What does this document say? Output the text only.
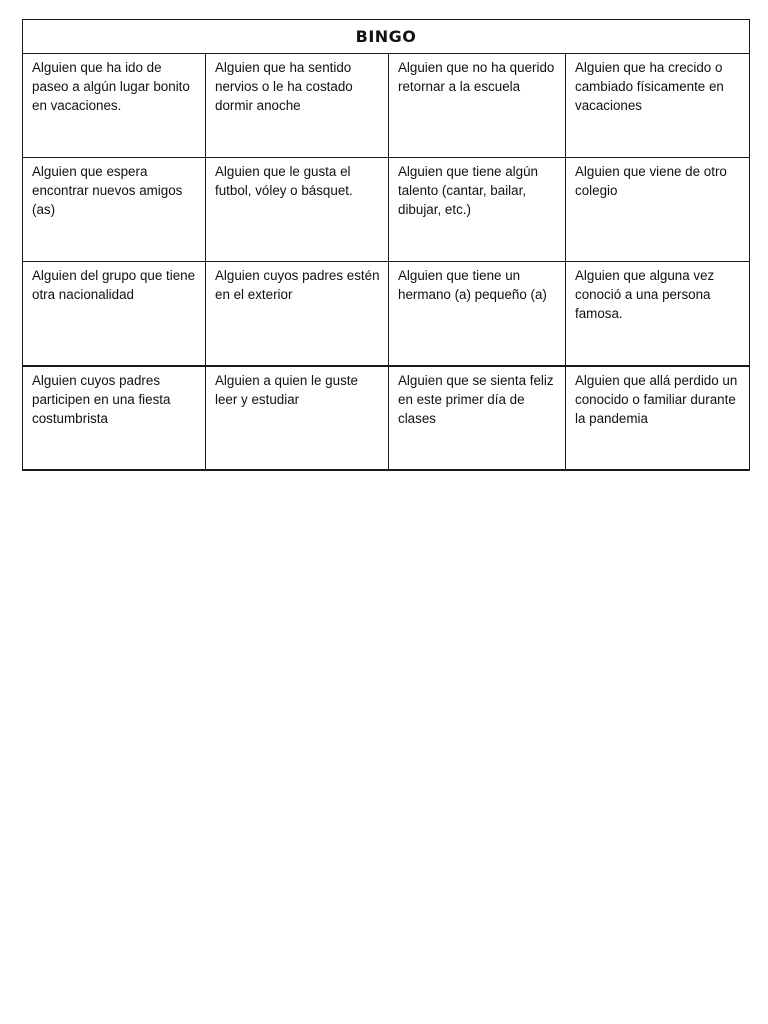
BINGO			
Alguien que ha ido de paseo a algún lugar bonito en vacaciones.	Alguien que ha sentido nervios o le ha costado dormir anoche	Alguien que no ha querido retornar a la escuela	Alguien que ha crecido o cambiado físicamente en vacaciones
Alguien que espera encontrar nuevos amigos (as)	Alguien que le gusta el futbol, vóley o básquet.	Alguien que tiene algún talento (cantar, bailar, dibujar, etc.)	Alguien que viene de otro colegio
Alguien del grupo que tiene otra nacionalidad	Alguien cuyos padres estén en el exterior	Alguien que tiene un hermano (a) pequeño (a)	Alguien que alguna vez conoció a una persona famosa.
Alguien cuyos padres participen en una fiesta costumbrista	Alguien a quien le guste leer y estudiar	Alguien que se sienta feliz en este primer día de clases	Alguien que allá perdido un conocido o familiar durante la pandemia
